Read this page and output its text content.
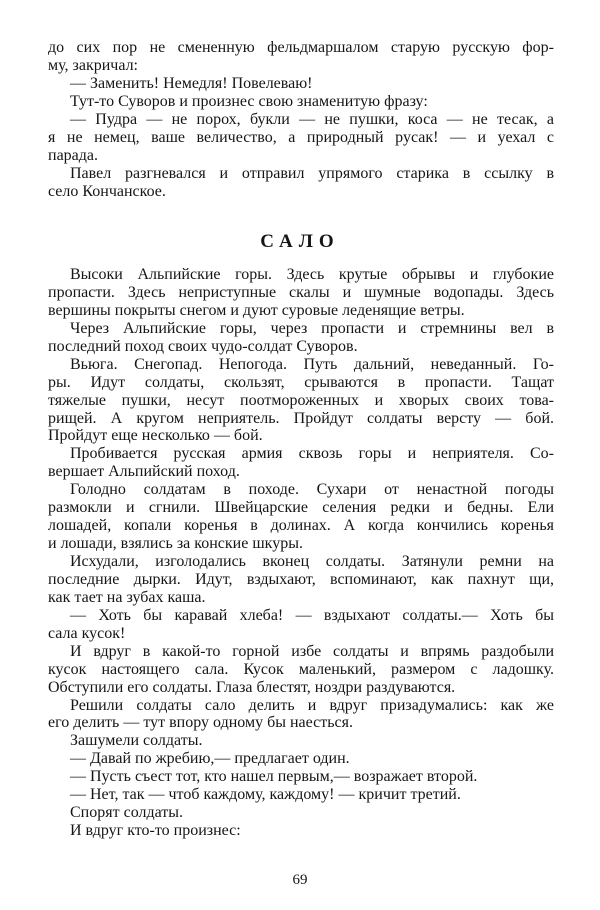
до сих пор не смененную фельдмаршалом старую русскую фор-
му, закричал:
— Заменить! Немедля! Повелеваю!
Тут-то Суворов и произнес свою знаменитую фразу:
— Пудра — не порох, букли — не пушки, коса — не тесак, а
я не немец, ваше величество, а природный русак! — и уехал с
парада.
Павел разгневался и отправил упрямого старика в ссылку в
село Кончанское.
САЛО
Высоки Альпийские горы. Здесь крутые обрывы и глубокие
пропасти. Здесь неприступные скалы и шумные водопады. Здесь
вершины покрыты снегом и дуют суровые леденящие ветры.
Через Альпийские горы, через пропасти и стремнины вел в
последний поход своих чудо-солдат Суворов.
Вьюга. Снегопад. Непогода. Путь дальний, неведанный. Го-
ры. Идут солдаты, скользят, срываются в пропасти. Тащат
тяжелые пушки, несут поотмороженных и хворых своих това-
рищей. А кругом неприятель. Пройдут солдаты версту — бой.
Пройдут еще несколько — бой.
Пробивается русская армия сквозь горы и неприятеля. Со-
вершает Альпийский поход.
Голодно солдатам в походе. Сухари от ненастной погоды
размокли и сгнили. Швейцарские селения редки и бедны. Ели
лошадей, копали коренья в долинах. А когда кончились коренья
и лошади, взялись за конские шкуры.
Исхудали, изголодались вконец солдаты. Затянули ремни на
последние дырки. Идут, вздыхают, вспоминают, как пахнут щи,
как тает на зубах каша.
— Хоть бы каравай хлеба! — вздыхают солдаты.— Хоть бы
сала кусок!
И вдруг в какой-то горной избе солдаты и впрямь раздобыли
кусок настоящего сала. Кусок маленький, размером с ладошку.
Обступили его солдаты. Глаза блестят, ноздри раздуваются.
Решили солдаты сало делить и вдруг призадумались: как же
его делить — тут впору одному бы наесться.
Зашумели солдаты.
— Давай по жребию,— предлагает один.
— Пусть съест тот, кто нашел первым,— возражает второй.
— Нет, так — чтоб каждому, каждому! — кричит третий.
Спорят солдаты.
И вдруг кто-то произнес:
69
